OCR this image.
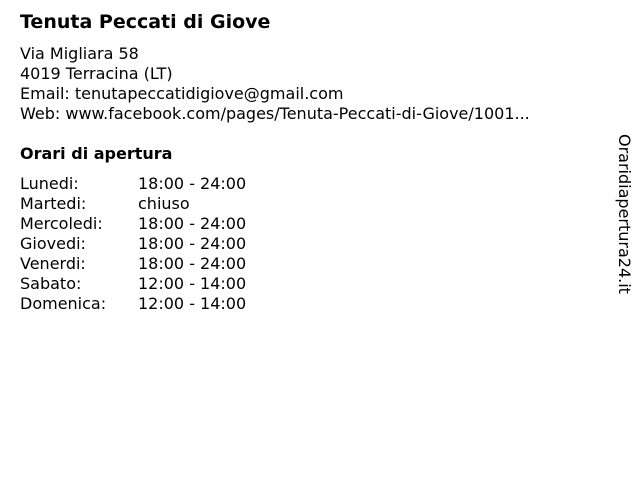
Tenuta Peccati di Giove
Via Migliara 58
4019 Terracina (LT)
Email: tenutapeccatidigiove@gmail.com
Web: www.facebook.com/pages/Tenuta-Peccati-di-Giove/1001...
Orari di apertura
Lunedi:	18:00 - 24:00
Martedi:	chiuso
Mercoledi: 18:00 - 24:00
Giovedi:	18:00 - 24:00
Venerdi:	18:00 - 24:00
Sabato:	12:00 - 14:00
Domenica: 12:00 - 14:00
Oraridiapertura24.it
